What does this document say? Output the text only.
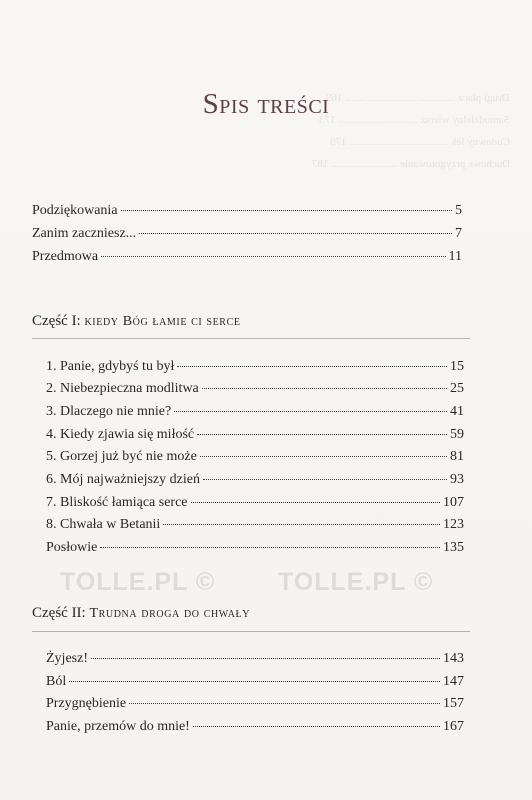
Drugi płacz ........................................ 169
Samodzielny wiersz ............................. 173
Cudowny lek .................................... 179
Duchowe przygotowanie ........................ 187
Spis treści
Podziękowania	5
Zanim zaczniesz...	7
Przedmowa	11
Część I: kiedy Bóg łamie ci serce
1. Panie, gdybyś tu był	15
2. Niebezpieczna modlitwa	25
3. Dlaczego nie mnie?	41
4. Kiedy zjawia się miłość	59
5. Gorzej już być nie może	81
6. Mój najważniejszy dzień	93
7. Bliskość łamiąca serce	107
8. Chwała w Betanii	123
Posłowie	135
TOLLE.PL ©	TOLLE.PL ©
Część II: Trudna droga do chwały
Żyjesz!	143
Ból	147
Przygnębienie	157
Panie, przemów do mnie!	167
